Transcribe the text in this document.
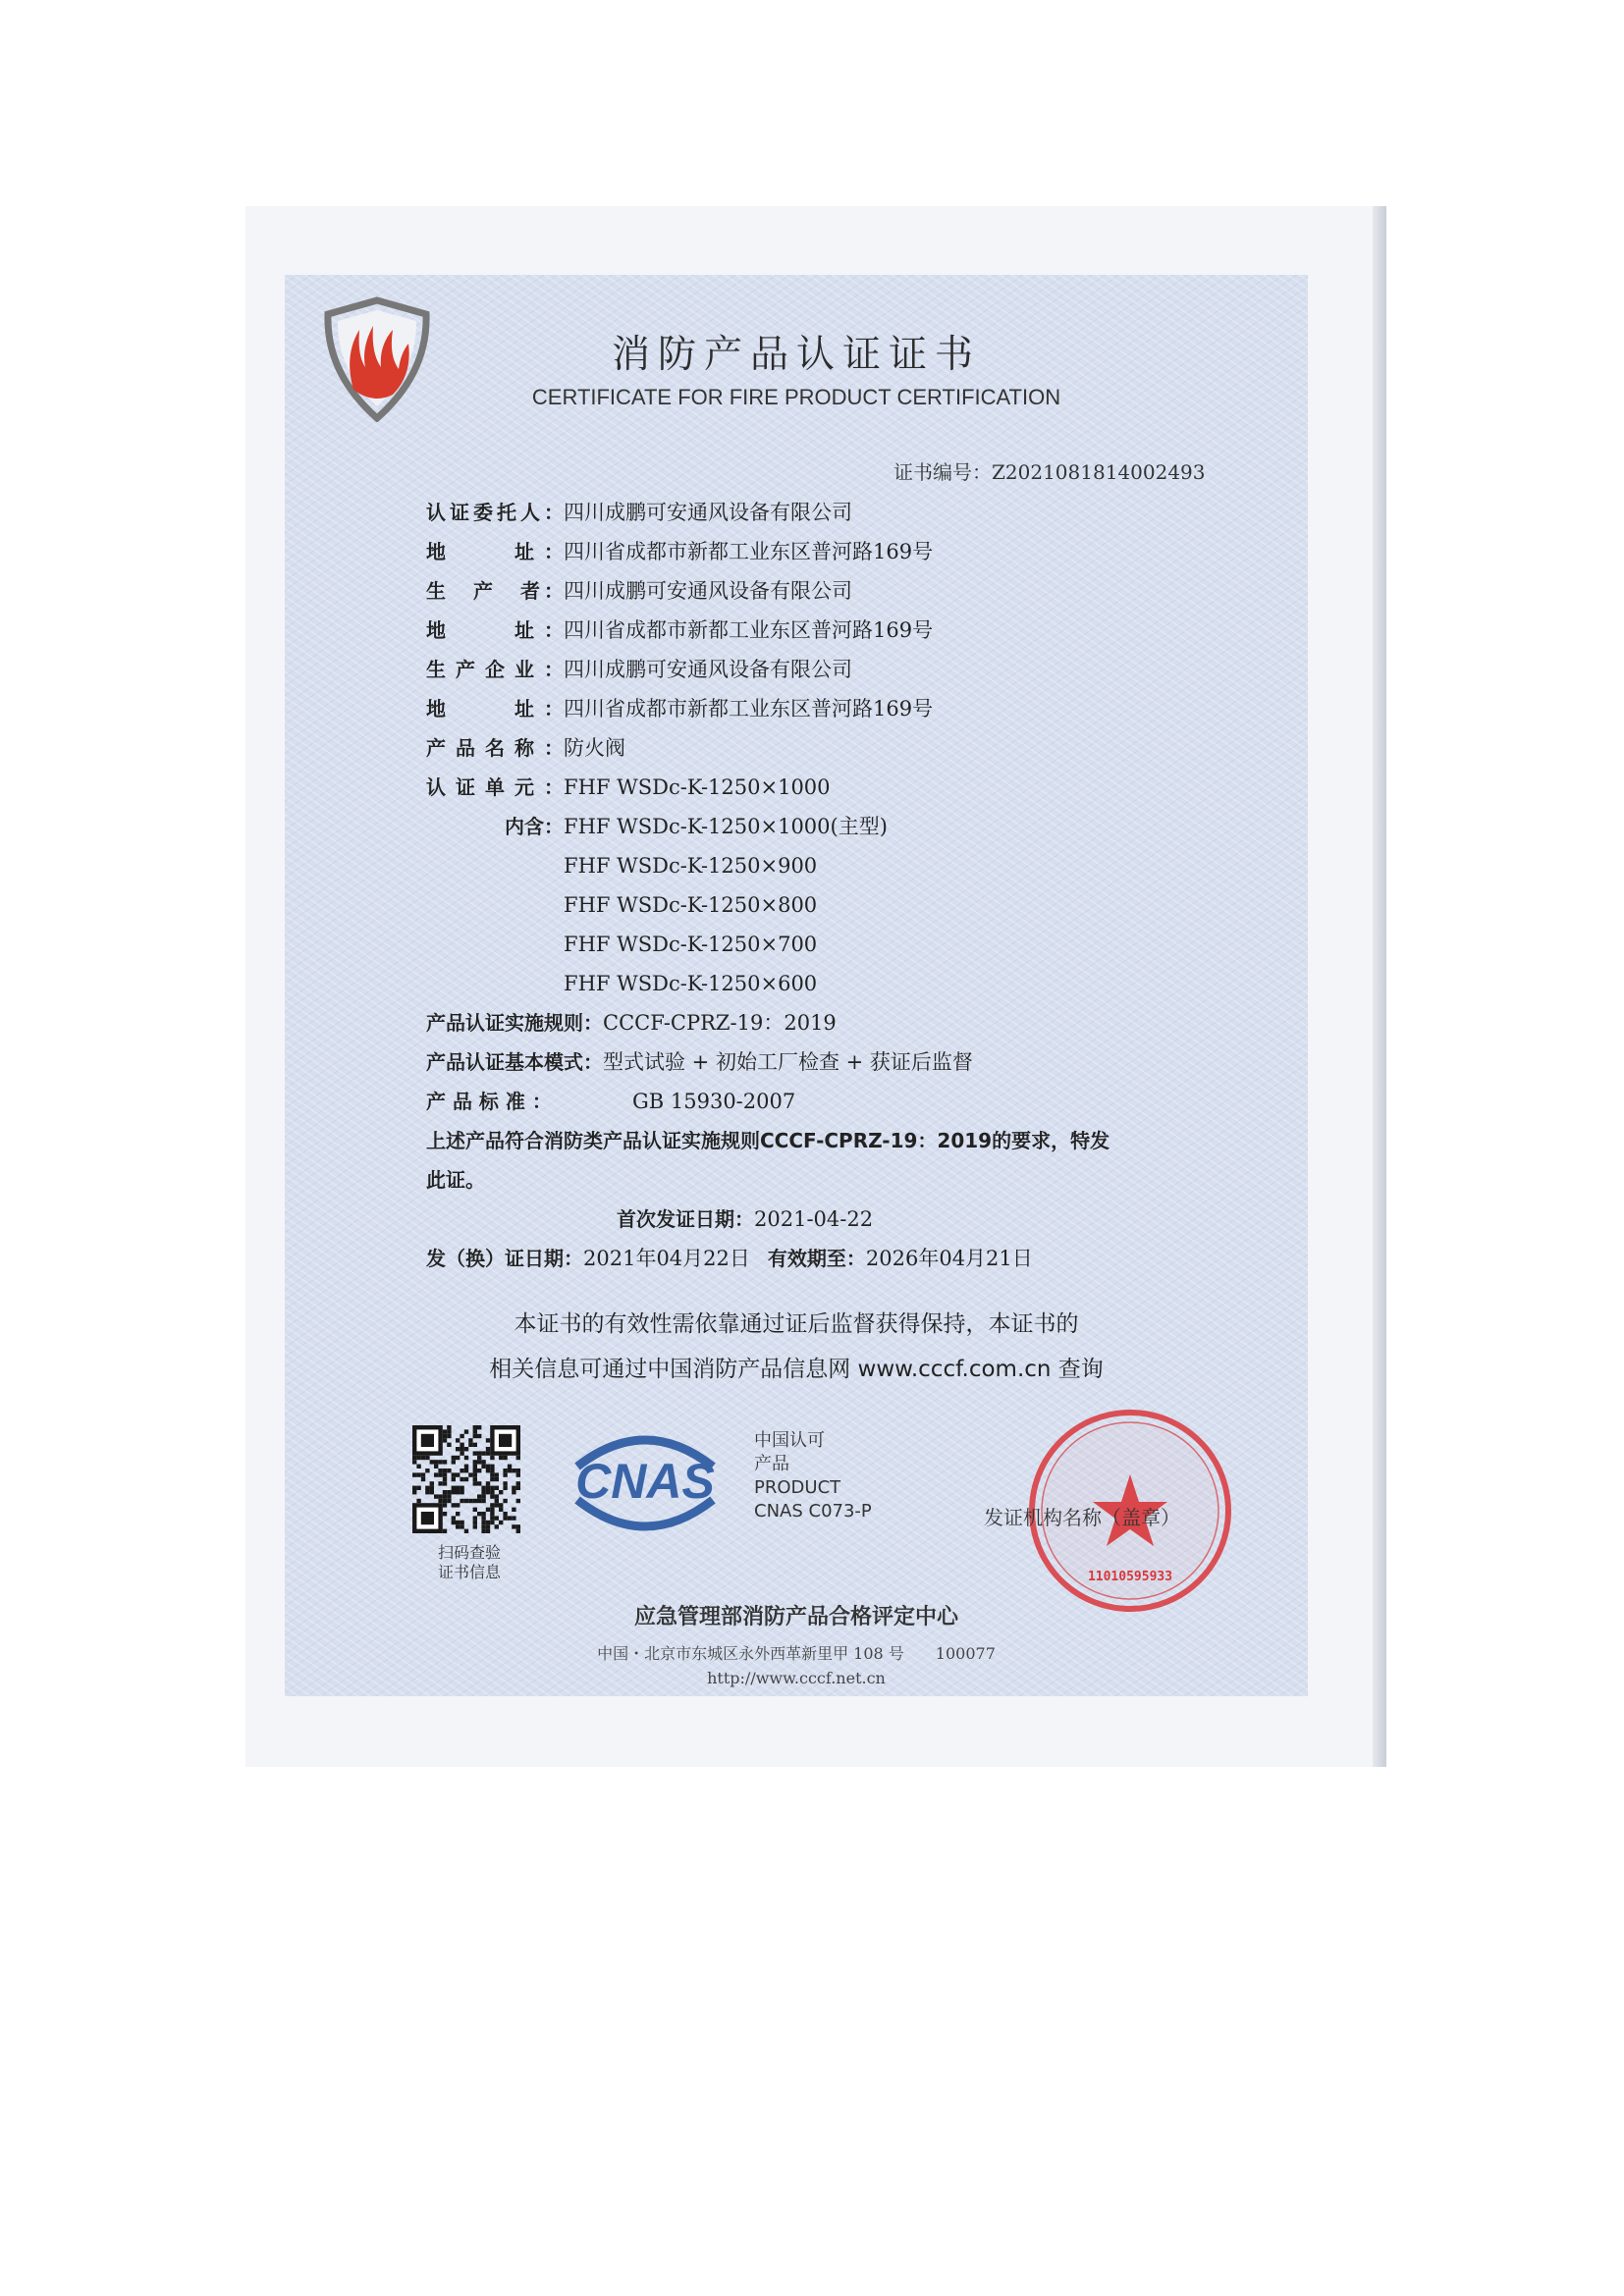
消防产品认证证书
CERTIFICATE FOR FIRE PRODUCT CERTIFICATION
证书编号：Z2021081814002493
认证委托人： 四川成鹏可安通风设备有限公司
地　　址： 四川省成都市新都工业东区普河路169号
生　产　者： 四川成鹏可安通风设备有限公司
地　　址： 四川省成都市新都工业东区普河路169号
生产企业： 四川成鹏可安通风设备有限公司
地　　址： 四川省成都市新都工业东区普河路169号
产品名称： 防火阀
认证单元： FHF WSDc-K-1250×1000
内含： FHF WSDc-K-1250×1000(主型)
FHF WSDc-K-1250×900
FHF WSDc-K-1250×800
FHF WSDc-K-1250×700
FHF WSDc-K-1250×600
产品认证实施规则： CCCF-CPRZ-19：2019
产品认证基本模式： 型式试验 + 初始工厂检查 + 获证后监督
产 品 标 准 ：	GB 15930-2007
上述产品符合消防类产品认证实施规则CCCF-CPRZ-19：2019的要求，特发
此证。
首次发证日期： 2021-04-22
发（换）证日期： 2021年04月22日 有效期至： 2026年04月21日
本证书的有效性需依靠通过证后监督获得保持，本证书的
相关信息可通过中国消防产品信息网 www.cccf.com.cn 查询
扫码查验
证书信息
CNAS
中国认可
产品
PRODUCT
CNAS C073-P
11010595933
发证机构名称（盖章）
应急管理部消防产品合格评定中心
中国・北京市东城区永外西革新里甲 108 号　　100077
http://www.cccf.net.cn
